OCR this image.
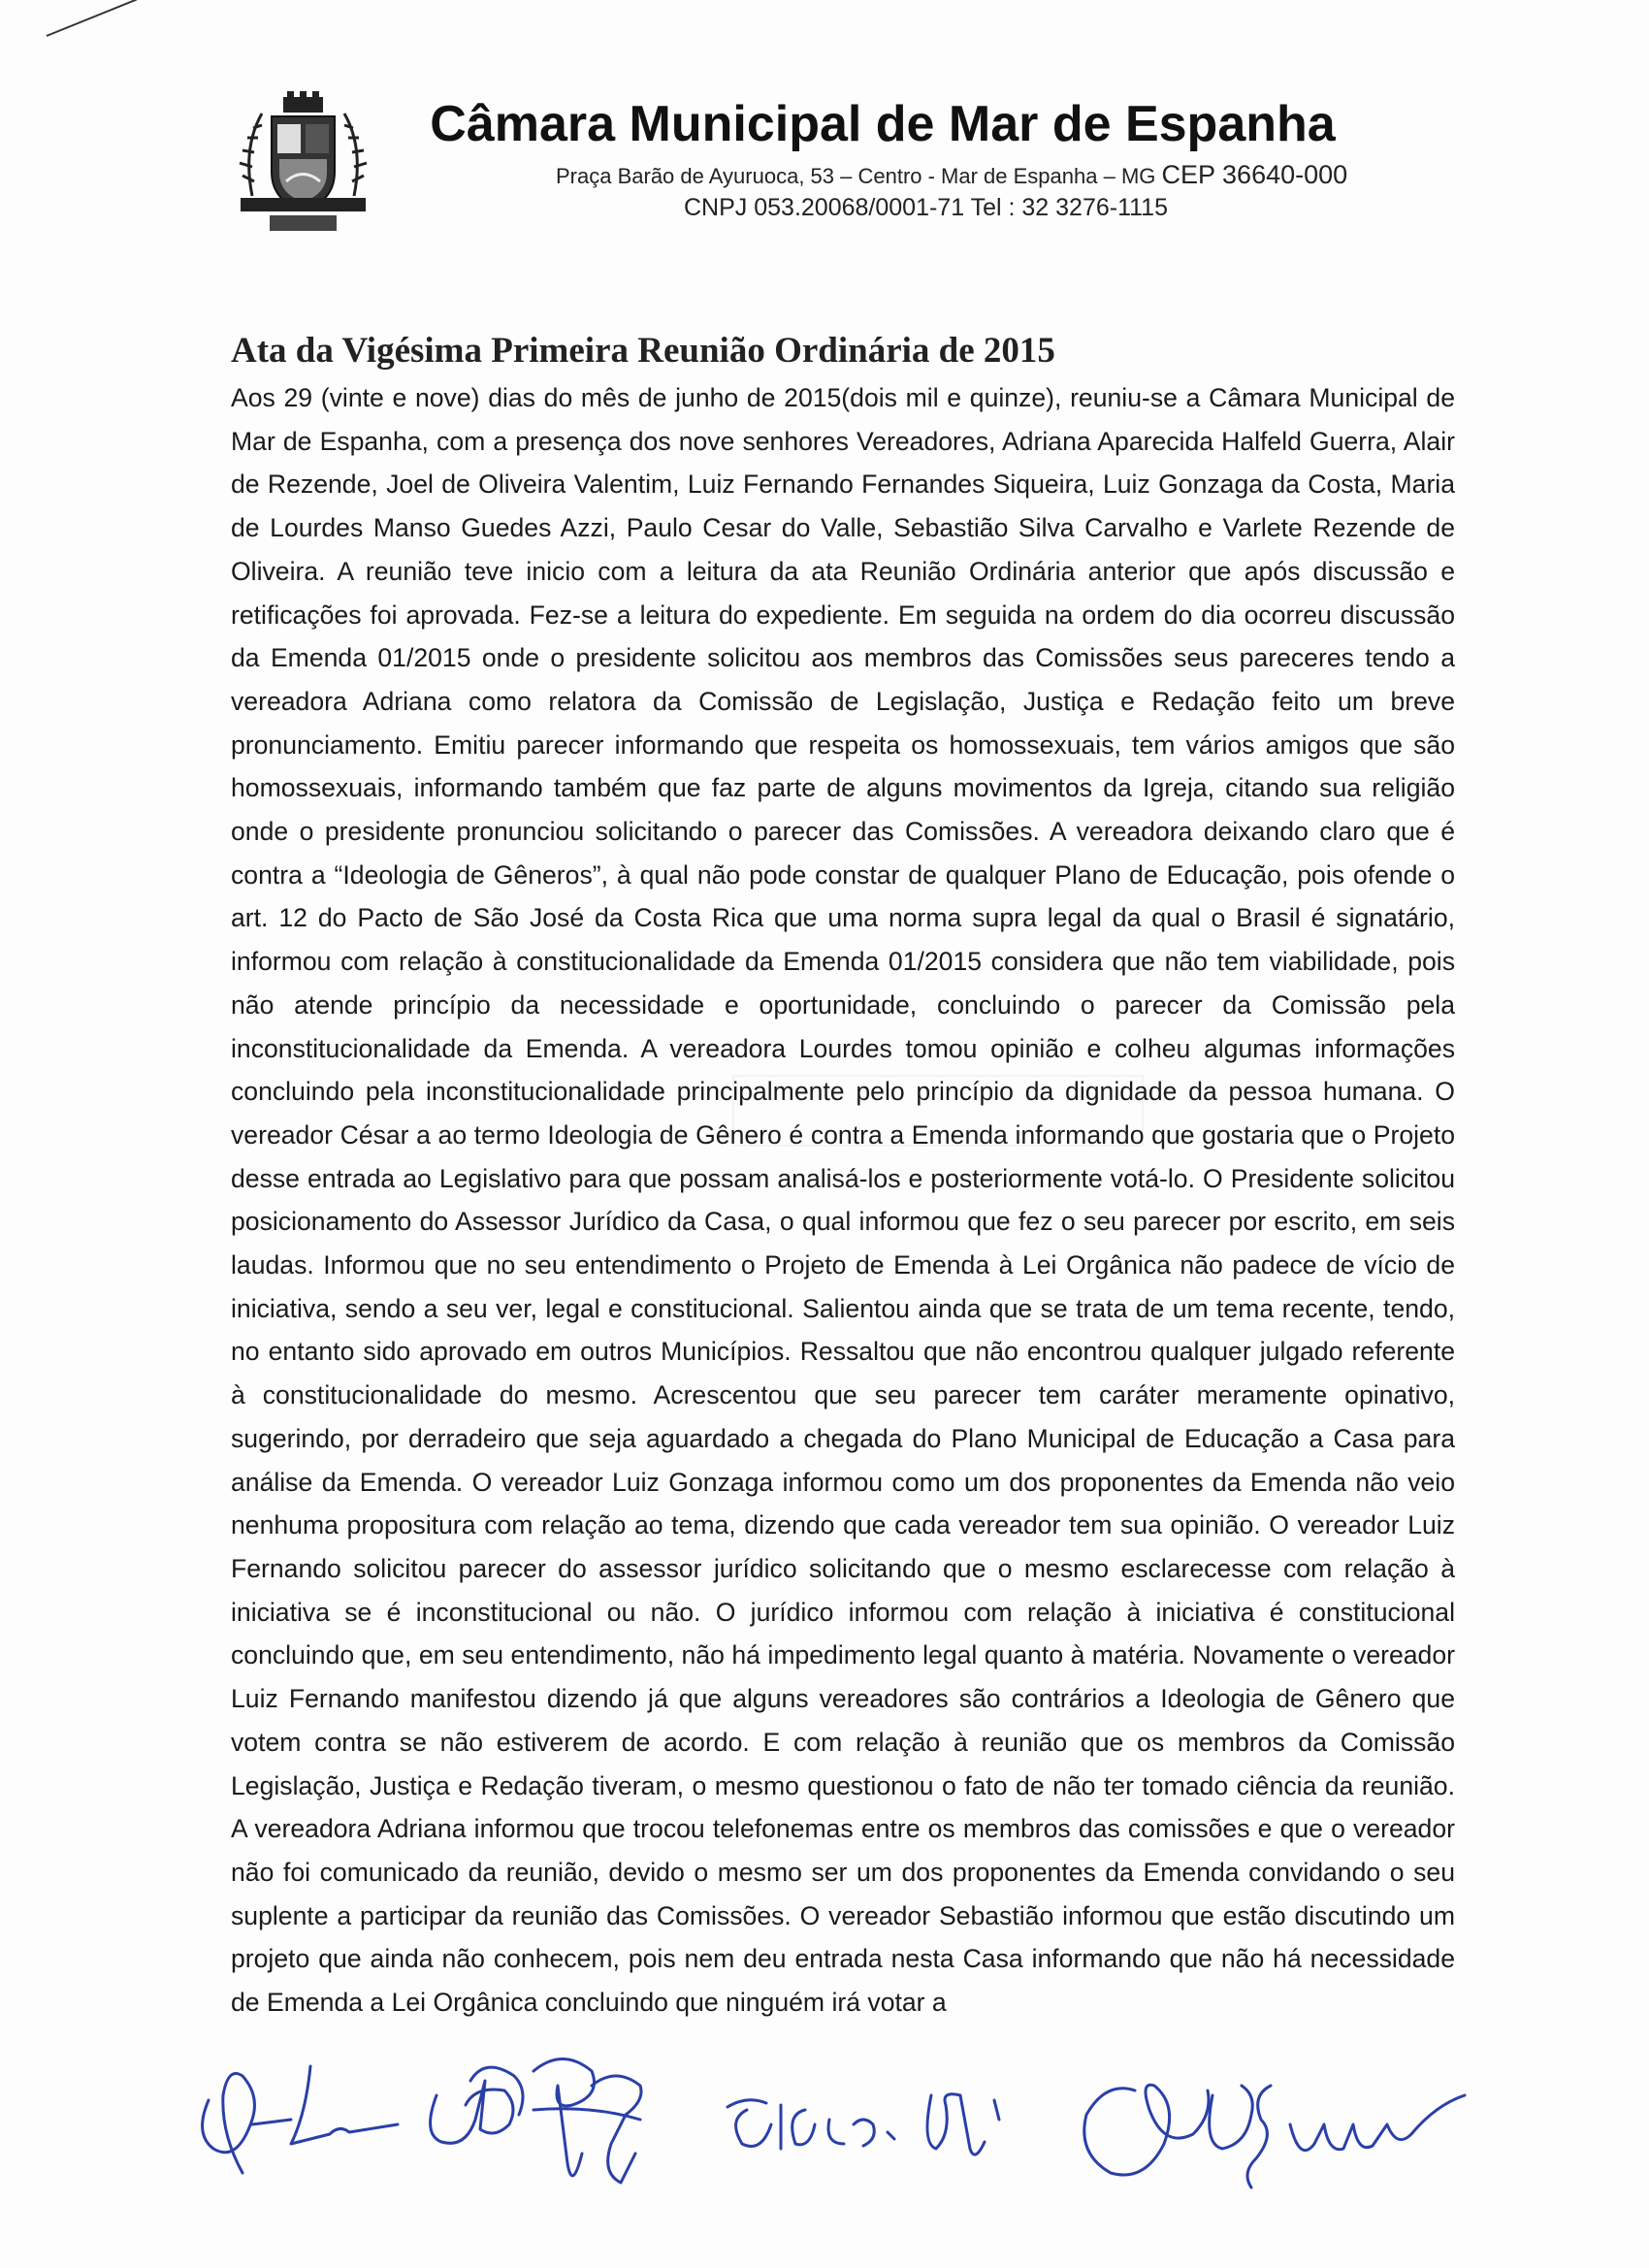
Câmara Municipal de Mar de Espanha
Praça Barão de Ayuruoca, 53 – Centro - Mar de Espanha – MG CEP 36640-000
CNPJ 053.20068/0001-71 Tel : 32 3276-1115
Ata da Vigésima Primeira Reunião Ordinária de 2015
Aos 29 (vinte e nove) dias do mês de junho de 2015(dois mil e quinze), reuniu-se a Câmara Municipal de Mar de Espanha, com a presença dos nove senhores Vereadores, Adriana Aparecida Halfeld Guerra, Alair de Rezende, Joel de Oliveira Valentim, Luiz Fernando Fernandes Siqueira, Luiz Gonzaga da Costa, Maria de Lourdes Manso Guedes Azzi, Paulo Cesar do Valle, Sebastião Silva Carvalho e Varlete Rezende de Oliveira. A reunião teve inicio com a leitura da ata Reunião Ordinária anterior que após discussão e retificações foi aprovada. Fez-se a leitura do expediente. Em seguida na ordem do dia ocorreu discussão da Emenda 01/2015 onde o presidente solicitou aos membros das Comissões seus pareceres tendo a vereadora Adriana como relatora da Comissão de Legislação, Justiça e Redação feito um breve pronunciamento. Emitiu parecer informando que respeita os homossexuais, tem vários amigos que são homossexuais, informando também que faz parte de alguns movimentos da Igreja, citando sua religião onde o presidente pronunciou solicitando o parecer das Comissões. A vereadora deixando claro que é contra a “Ideologia de Gêneros”, à qual não pode constar de qualquer Plano de Educação, pois ofende o art. 12 do Pacto de São José da Costa Rica que uma norma supra legal da qual o Brasil é signatário, informou com relação à constitucionalidade da Emenda 01/2015 considera que não tem viabilidade, pois não atende princípio da necessidade e oportunidade, concluindo o parecer da Comissão pela inconstitucionalidade da Emenda. A vereadora Lourdes tomou opinião e colheu algumas informações concluindo pela inconstitucionalidade principalmente pelo princípio da dignidade da pessoa humana. O vereador César a ao termo Ideologia de Gênero é contra a Emenda informando que gostaria que o Projeto desse entrada ao Legislativo para que possam analisá-los e posteriormente votá-lo. O Presidente solicitou posicionamento do Assessor Jurídico da Casa, o qual informou que fez o seu parecer por escrito, em seis laudas. Informou que no seu entendimento o Projeto de Emenda à Lei Orgânica não padece de vício de iniciativa, sendo a seu ver, legal e constitucional. Salientou ainda que se trata de um tema recente, tendo, no entanto sido aprovado em outros Municípios. Ressaltou que não encontrou qualquer julgado referente à constitucionalidade do mesmo. Acrescentou que seu parecer tem caráter meramente opinativo, sugerindo, por derradeiro que seja aguardado a chegada do Plano Municipal de Educação a Casa para análise da Emenda. O vereador Luiz Gonzaga informou como um dos proponentes da Emenda não veio nenhuma propositura com relação ao tema, dizendo que cada vereador tem sua opinião. O vereador Luiz Fernando solicitou parecer do assessor jurídico solicitando que o mesmo esclarecesse com relação à iniciativa se é inconstitucional ou não. O jurídico informou com relação à iniciativa é constitucional concluindo que, em seu entendimento, não há impedimento legal quanto à matéria. Novamente o vereador Luiz Fernando manifestou dizendo já que alguns vereadores são contrários a Ideologia de Gênero que votem contra se não estiverem de acordo. E com relação à reunião que os membros da Comissão Legislação, Justiça e Redação tiveram, o mesmo questionou o fato de não ter tomado ciência da reunião. A vereadora Adriana informou que trocou telefonemas entre os membros das comissões e que o vereador não foi comunicado da reunião, devido o mesmo ser um dos proponentes da Emenda convidando o seu suplente a participar da reunião das Comissões. O vereador Sebastião informou que estão discutindo um projeto que ainda não conhecem, pois nem deu entrada nesta Casa informando que não há necessidade de Emenda a Lei Orgânica concluindo que ninguém irá votar a
